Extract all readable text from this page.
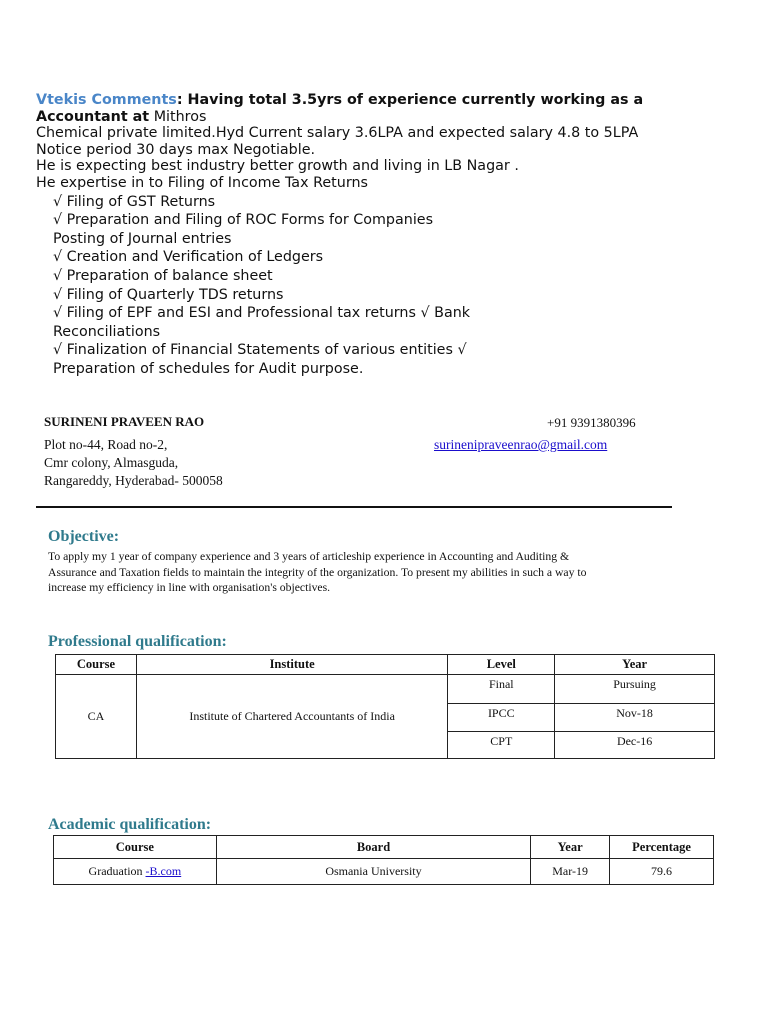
Vtekis Comments: Having total 3.5yrs of experience currently working as a
Accountant at Mithros
Chemical private limited.Hyd Current salary 3.6LPA and expected salary 4.8 to 5LPA
Notice period 30 days max Negotiable.
He is expecting best industry better growth and living in LB Nagar .
He expertise in to Filing of Income Tax Returns
√ Filing of GST Returns
√ Preparation and Filing of ROC Forms for Companies
Posting of Journal entries
√ Creation and Verification of Ledgers
√ Preparation of balance sheet
√ Filing of Quarterly TDS returns
√ Filing of EPF and ESI and Professional tax returns √ Bank
Reconciliations
√ Finalization of Financial Statements of various entities √
Preparation of schedules for Audit purpose.
SURINENI PRAVEEN RAO	+91 9391380396
surinenipraveenrao@gmail.com
Plot no-44, Road no-2,
Cmr colony, Almasguda,
Rangareddy, Hyderabad- 500058
Objective:
To apply my 1 year of company experience and 3 years of articleship experience in Accounting and Auditing & Assurance and Taxation fields to maintain the integrity of the organization. To present my abilities in such a way to increase my efficiency in line with organisation's objectives.
Professional qualification:
Course	Institute	Level	Year
CA	Institute of Chartered Accountants of India	Final	Pursuing
		IPCC	Nov-18
		CPT	Dec-16
Academic qualification:
Course	Board	Year	Percentage
Graduation -B.com	Osmania University	Mar-19	79.6
